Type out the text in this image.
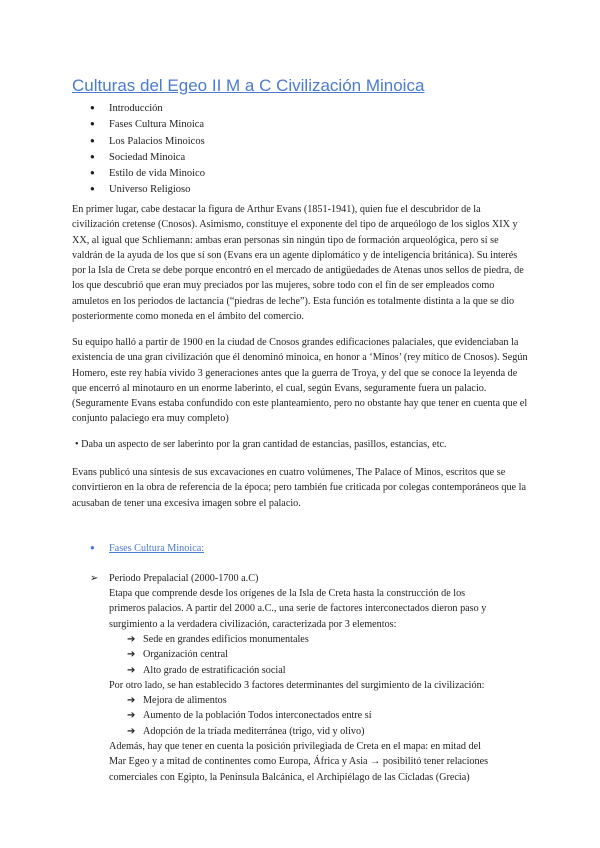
Culturas del Egeo II M a C Civilización Minoica
● Introducción
● Fases Cultura Minoica
● Los Palacios Minoicos
● Sociedad Minoica
● Estilo de vida Minoico
● Universo Religioso

En primer lugar, cabe destacar la figura de Arthur Evans (1851-1941), quien fue el descubridor de la civilización cretense (Cnosos). Asimismo, constituye el exponente del tipo de arqueólogo de los siglos XIX y XX, al igual que Schliemann: ambas eran personas sin ningún tipo de formación arqueológica, pero sí se valdrán de la ayuda de los que sí son (Evans era un agente diplomático y de inteligencia británica). Su interés por la Isla de Creta se debe porque encontró en el mercado de antigüedades de Atenas unos sellos de piedra, de los que descubrió que eran muy preciados por las mujeres, sobre todo con el fin de ser empleados como amuletos en los periodos de lactancia (“piedras de leche”). Esta función es totalmente distinta a la que se dio posteriormente como moneda en el ámbito del comercio.

Su equipo halló a partir de 1900 en la ciudad de Cnosos grandes edificaciones palaciales, que evidenciaban la existencia de una gran civilización que él denominó minoica, en honor a ‘Minos’ (rey mítico de Cnosos). Según Homero, este rey había vivido 3 generaciones antes que la guerra de Troya, y del que se conoce la leyenda de que encerró al minotauro en un enorme laberinto, el cual, según Evans, seguramente fuera un palacio. (Seguramente Evans estaba confundido con este planteamiento, pero no obstante hay que tener en cuenta que el conjunto palaciego era muy completo)

• Daba un aspecto de ser laberinto por la gran cantidad de estancias, pasillos, estancias, etc.

Evans publicó una síntesis de sus excavaciones en cuatro volúmenes, The Palace of Minos, escritos que se convirtieron en la obra de referencia de la época; pero también fue criticada por colegas contemporáneos que la acusaban de tener una excesiva imagen sobre el palacio.

● Fases Cultura Minoica:
➢ Periodo Prepalacial (2000-1700 a.C)
Etapa que comprende desde los orígenes de la Isla de Creta hasta la construcción de los
primeros palacios. A partir del 2000 a.C., una serie de factores interconectados dieron paso y
surgimiento a la verdadera civilización, caracterizada por 3 elementos:
➔ Sede en grandes edificios monumentales
➔ Organización central
➔ Alto grado de estratificación social
Por otro lado, se han establecido 3 factores determinantes del surgimiento de la civilización:
➔ Mejora de alimentos
➔ Aumento de la población Todos interconectados entre sí
➔ Adopción de la tríada mediterránea (trigo, vid y olivo)
Además, hay que tener en cuenta la posición privilegiada de Creta en el mapa: en mitad del
Mar Egeo y a mitad de continentes como Europa, África y Asia → posibilitó tener relaciones
comerciales con Egipto, la Península Balcánica, el Archipiélago de las Cícladas (Grecia)
